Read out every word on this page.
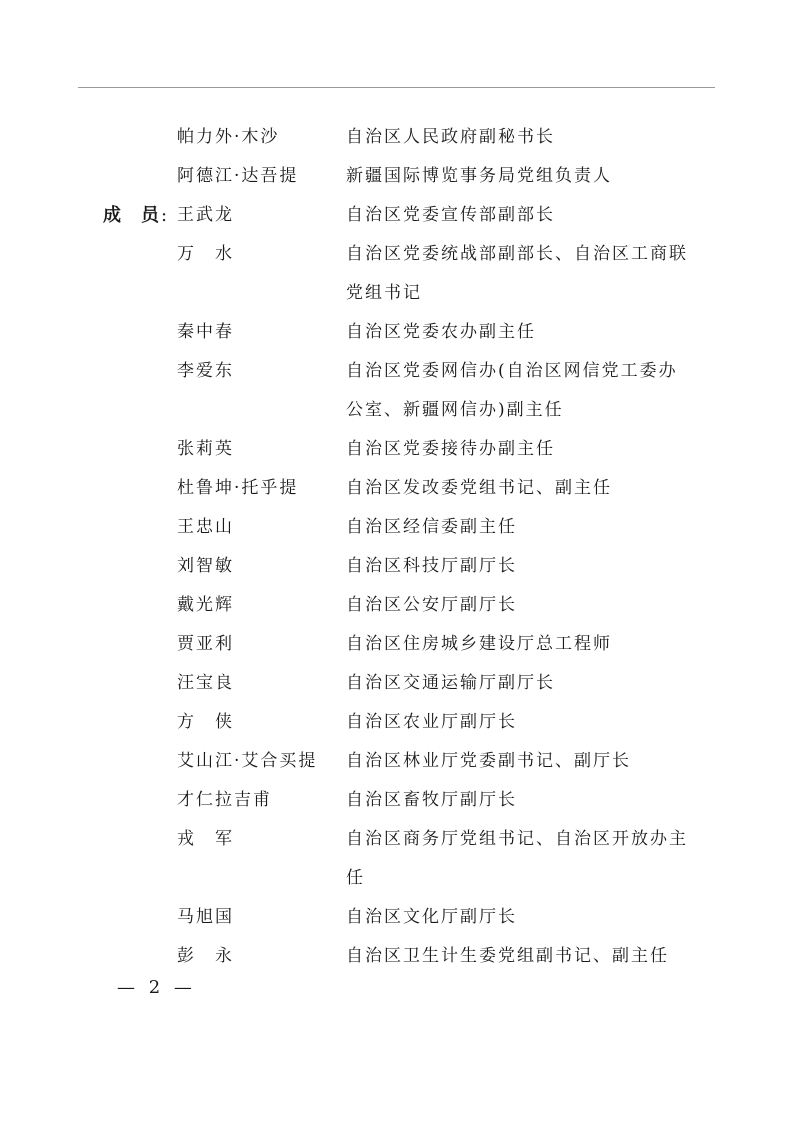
帕力外·木沙	自治区人民政府副秘书长
阿德江·达吾提	新疆国际博览事务局党组负责人
成 员 : 王武龙	自治区党委宣传部副部长
万　水	自治区党委统战部副部长、自治区工商联党组书记
秦中春	自治区党委农办副主任
李爱东	自治区党委网信办(自治区网信党工委办公室、新疆网信办)副主任
张莉英	自治区党委接待办副主任
杜鲁坤·托乎提	自治区发改委党组书记、副主任
王忠山	自治区经信委副主任
刘智敏	自治区科技厅副厅长
戴光辉	自治区公安厅副厅长
贾亚利	自治区住房城乡建设厅总工程师
汪宝良	自治区交通运输厅副厅长
方　侠	自治区农业厅副厅长
艾山江·艾合买提 自治区林业厅党委副书记、副厅长
才仁拉吉甫	自治区畜牧厅副厅长
戎　军	自治区商务厅党组书记、自治区开放办主任
马旭国	自治区文化厅副厅长
彭　永	自治区卫生计生委党组副书记、副主任
— 2 —
